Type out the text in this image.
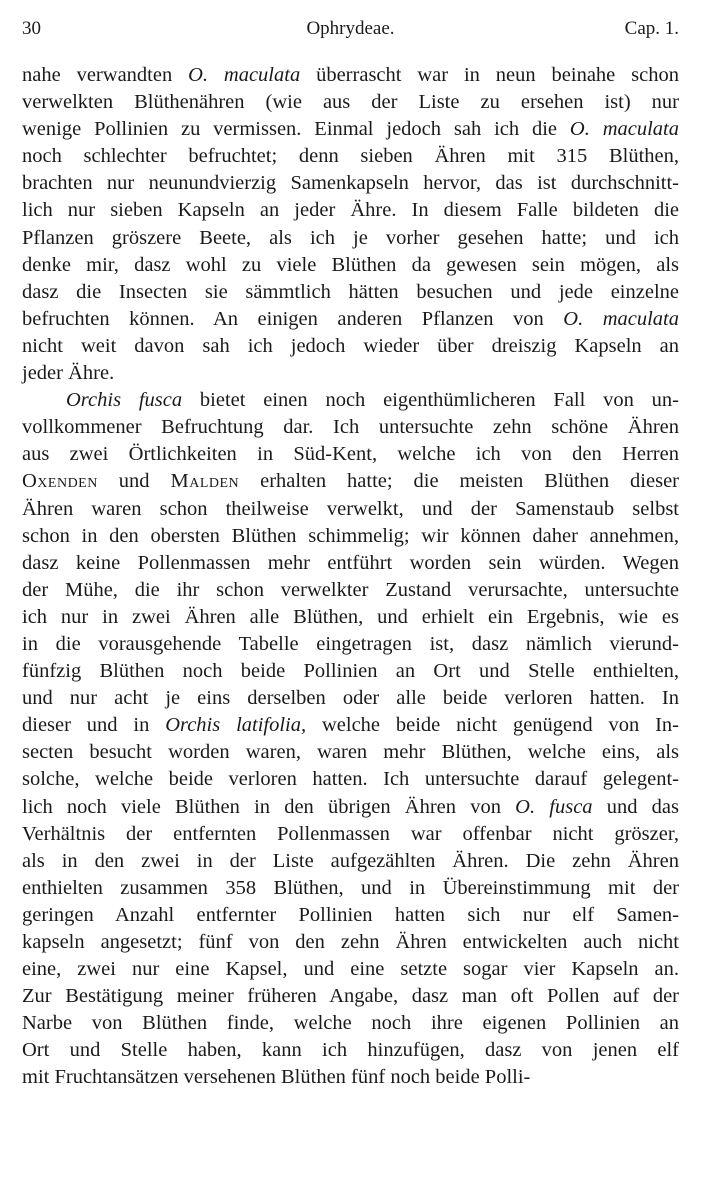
30	Ophrydeae.	Cap. 1.
nahe verwandten O. maculata überrascht war in neun beinahe schon
verwelkten Blüthenähren (wie aus der Liste zu ersehen ist) nur
wenige Pollinien zu vermissen. Einmal jedoch sah ich die O. maculata
noch schlechter befruchtet; denn sieben Ähren mit 315 Blüthen,
brachten nur neunundvierzig Samenkapseln hervor, das ist durchschnitt-
lich nur sieben Kapseln an jeder Ähre. In diesem Falle bildeten die
Pflanzen gröszere Beete, als ich je vorher gesehen hatte; und ich
denke mir, dasz wohl zu viele Blüthen da gewesen sein mögen, als
dasz die Insecten sie sämmtlich hätten besuchen und jede einzelne
befruchten können. An einigen anderen Pflanzen von O. maculata
nicht weit davon sah ich jedoch wieder über dreiszig Kapseln an
jeder Ähre.
Orchis fusca bietet einen noch eigenthümlicheren Fall von un-
vollkommener Befruchtung dar. Ich untersuchte zehn schöne Ähren
aus zwei Örtlichkeiten in Süd-Kent, welche ich von den Herren
Oxenden und Malden erhalten hatte; die meisten Blüthen dieser
Ähren waren schon theilweise verwelkt, und der Samenstaub selbst
schon in den obersten Blüthen schimmelig; wir können daher annehmen,
dasz keine Pollenmassen mehr entführt worden sein würden. Wegen
der Mühe, die ihr schon verwelkter Zustand verursachte, untersuchte
ich nur in zwei Ähren alle Blüthen, und erhielt ein Ergebnis, wie es
in die vorausgehende Tabelle eingetragen ist, dasz nämlich vierund-
fünfzig Blüthen noch beide Pollinien an Ort und Stelle enthielten,
und nur acht je eins derselben oder alle beide verloren hatten. In
dieser und in Orchis latifolia, welche beide nicht genügend von In-
secten besucht worden waren, waren mehr Blüthen, welche eins, als
solche, welche beide verloren hatten. Ich untersuchte darauf gelegent-
lich noch viele Blüthen in den übrigen Ähren von O. fusca und das
Verhältnis der entfernten Pollenmassen war offenbar nicht gröszer,
als in den zwei in der Liste aufgezählten Ähren. Die zehn Ähren
enthielten zusammen 358 Blüthen, und in Übereinstimmung mit der
geringen Anzahl entfernter Pollinien hatten sich nur elf Samen-
kapseln angesetzt; fünf von den zehn Ähren entwickelten auch nicht
eine, zwei nur eine Kapsel, und eine setzte sogar vier Kapseln an.
Zur Bestätigung meiner früheren Angabe, dasz man oft Pollen auf der
Narbe von Blüthen finde, welche noch ihre eigenen Pollinien an
Ort und Stelle haben, kann ich hinzufügen, dasz von jenen elf
mit Fruchtansätzen versehenen Blüthen fünf noch beide Polli-
